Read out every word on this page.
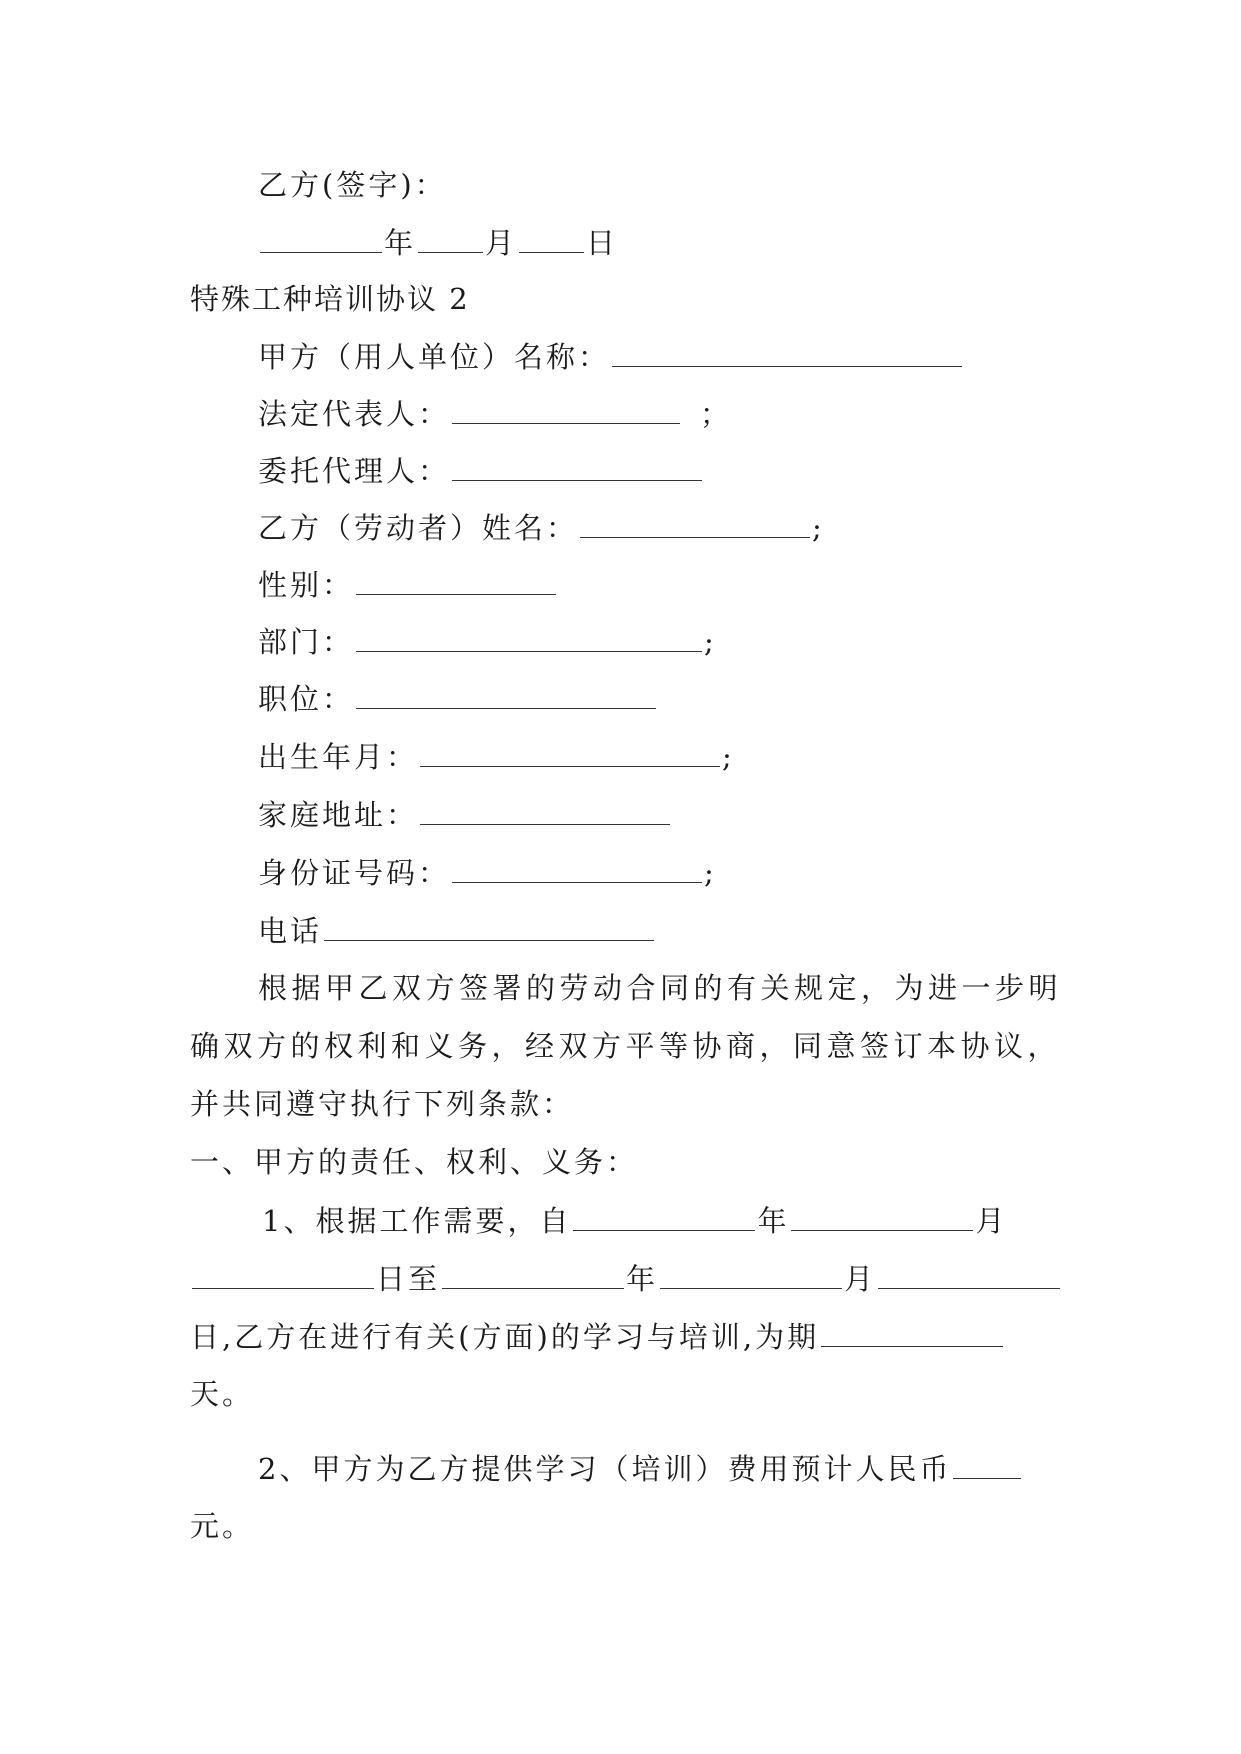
乙方(签字)：
年 月 日
特殊工种培训协议 2
甲方（用人单位）名称：
法定代表人：	；
委托代理人：
乙方（劳动者）姓名：	;
性别：
部门：	;
职位：
出生年月：	;
家庭地址：
身份证号码：	;
电话
根据甲乙双方签署的劳动合同的有关规定，为进一步明
确双方的权利和义务，经双方平等协商，同意签订本协议，
并共同遵守执行下列条款：
一、甲方的责任、权利、义务：
1、根据工作需要，自	年	月
日至	年	月
日,乙方在进行有关(方面)的学习与培训,为期
天。
2、甲方为乙方提供学习（培训）费用预计人民币
元。
